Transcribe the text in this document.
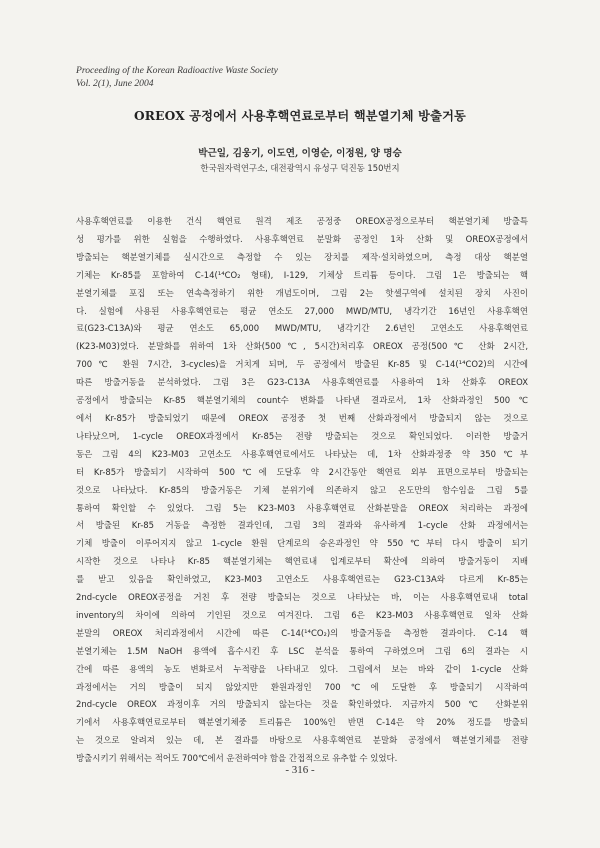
Proceeding of the Korean Radioactive Waste Society
Vol. 2(1), June 2004
OREOX 공정에서 사용후핵연료로부터 핵분열기체 방출거동
박근일, 김웅기, 이도연, 이영순, 이정원, 양 명승
한국원자력연구소, 대전광역시 유성구 덕진동 150번지
사용후핵연료를 이용한 건식 핵연료 원격 제조 공정중 OREOX공정으로부터 핵분열기체 방출특
성 평가를 위한 실험을 수행하였다. 사용후핵연료 분말화 공정인 1차 산화 및 OREOX공정에서
방출되는 핵분열기체를 실시간으로 측정할 수 있는 장치를 제작·설치하였으며, 측정 대상 핵분열
기체는 Kr-85를 포함하여 C-14(¹⁴CO₂ 형태), I-129, 기체상 트리튬 등이다. 그림 1은 방출되는 핵
분열기체를 포집 또는 연속측정하기 위한 개념도이며, 그림 2는 핫셀구역에 설치된 장치 사진이
다. 실험에 사용된 사용후핵연료는 평균 연소도 27,000 MWD/MTU, 냉각기간 16년인 사용후핵연
료(G23-C13A)와 평균 연소도 65,000 MWD/MTU, 냉각기간 2.6년인 고연소도 사용후핵연료
(K23-M03)였다. 분말화를 위하여 1차 산화(500℃, 5시간)처리후 OREOX 공정(500℃ 산화 2시간,
700℃ 환원 7시간, 3-cycles)을 거치게 되며, 두 공정에서 방출된 Kr-85 및 C-14(¹⁴CO2)의 시간에
따른 방출거동을 분석하였다. 그림 3은 G23-C13A 사용후핵연료를 사용하여 1차 산화후 OREOX
공정에서 방출되는 Kr-85 핵분열기체의 count수 변화를 나타낸 결과로서, 1차 산화과정인 500℃
에서 Kr-85가 방출되었기 때문에 OREOX 공정중 첫 번째 산화과정에서 방출되지 않는 것으로
나타났으며, 1-cycle OREOX과정에서 Kr-85는 전량 방출되는 것으로 확인되었다. 이러한 방출거
동은 그림 4의 K23-M03 고연소도 사용후핵연료에서도 나타났는 데, 1차 산화과정중 약 350℃부
터 Kr-85가 방출되기 시작하여 500℃에 도달후 약 2시간동안 핵연료 외부 표면으로부터 방출되는
것으로 나타났다. Kr-85의 방출거동은 기체 분위기에 의존하지 않고 온도만의 함수임을 그림 5를
통하여 확인할 수 있었다. 그림 5는 K23-M03 사용후핵연료 산화분말을 OREOX 처리하는 과정에
서 방출된 Kr-85 거동을 측정한 결과인데, 그림 3의 결과와 유사하게 1-cycle 산화 과정에서는
기체 방출이 이루어지지 않고 1-cycle 환원 단계로의 승온과정인 약 550℃부터 다시 방출이 되기
시작한 것으로 나타나 Kr-85 핵분열기체는 핵연료내 입계로부터 확산에 의하여 방출거동이 지배
를 받고 있음을 확인하였고, K23-M03 고연소도 사용후핵연료는 G23-C13A와 다르게 Kr-85는
2nd-cycle OREOX공정을 거친 후 전량 방출되는 것으로 나타났는 바, 이는 사용후핵연료내 total
inventory의 차이에 의하여 기인된 것으로 여겨진다. 그림 6은 K23-M03 사용후핵연료 일차 산화
분말의 OREOX 처리과정에서 시간에 따른 C-14(¹⁴CO₂)의 방출거동을 측정한 결과이다. C-14 핵
분열기체는 1.5M NaOH 용액에 흡수시킨 후 LSC 분석을 통하여 구하였으며 그림 6의 결과는 시
간에 따른 용액의 농도 변화로서 누적량을 나타내고 있다. 그림에서 보는 바와 같이 1-cycle 산화
과정에서는 거의 방출이 되지 않았지만 환원과정인 700℃에 도달한 후 방출되기 시작하여
2nd-cycle OREOX 과정이후 거의 방출되지 않는다는 것을 확인하였다. 지금까지 500℃ 산화분위
기에서 사용후핵연료로부터 핵분열기체중 트리튬은 100%인 반면 C-14은 약 20% 정도를 방출되
는 것으로 알려져 있는 데, 본 결과를 바탕으로 사용후핵연료 분말화 공정에서 핵분열기체를 전량
방출시키기 위해서는 적어도 700℃에서 운전하여야 함을 간접적으로 유추할 수 있었다.
- 316 -
